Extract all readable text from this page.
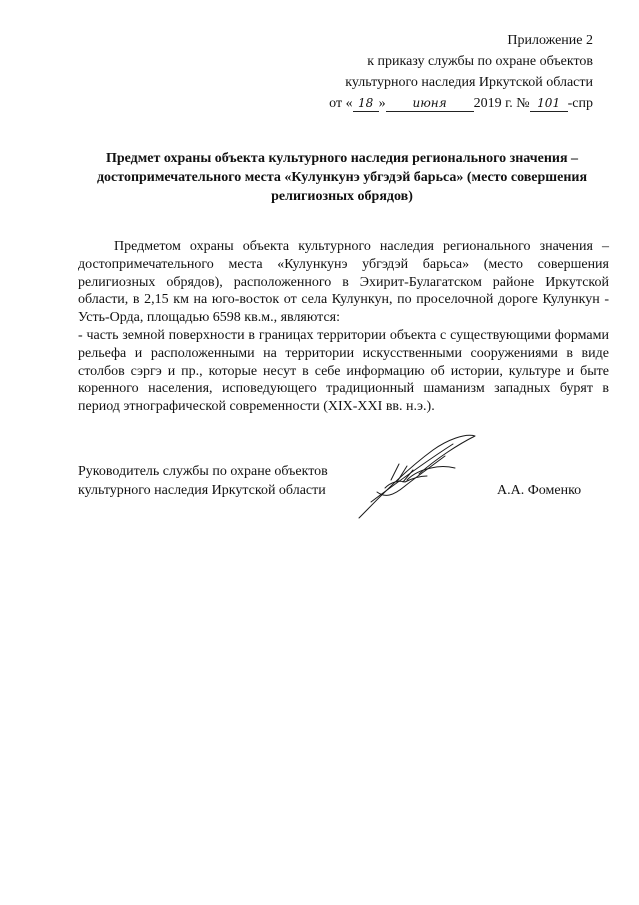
Приложение 2
к приказу службы по охране объектов
культурного наследия Иркутской области
от « 18 » июня 2019 г. № 101 -спр
Предмет охраны объекта культурного наследия регионального значения – достопримечательного места «Кулункунэ убгэдэй барьса» (место совершения религиозных обрядов)

Предметом охраны объекта культурного наследия регионального значения – достопримечательного места «Кулункунэ убгэдэй барьса» (место совершения религиозных обрядов), расположенного в Эхирит-Булагатском районе Иркутской области, в 2,15 км на юго-восток от села Кулункун, по проселочной дороге Кулункун - Усть-Орда, площадью 6598 кв.м., являются:

- часть земной поверхности в границах территории объекта с существующими формами рельефа и расположенными на территории искусственными сооружениями в виде столбов сэргэ и пр., которые несут в себе информацию об истории, культуре и быте коренного населения, исповедующего традиционный шаманизм западных бурят в период этнографической современности (XIX-XXI вв. н.э.).

Руководитель службы по охране объектов
культурного наследия Иркутской области	А.А. Фоменко
